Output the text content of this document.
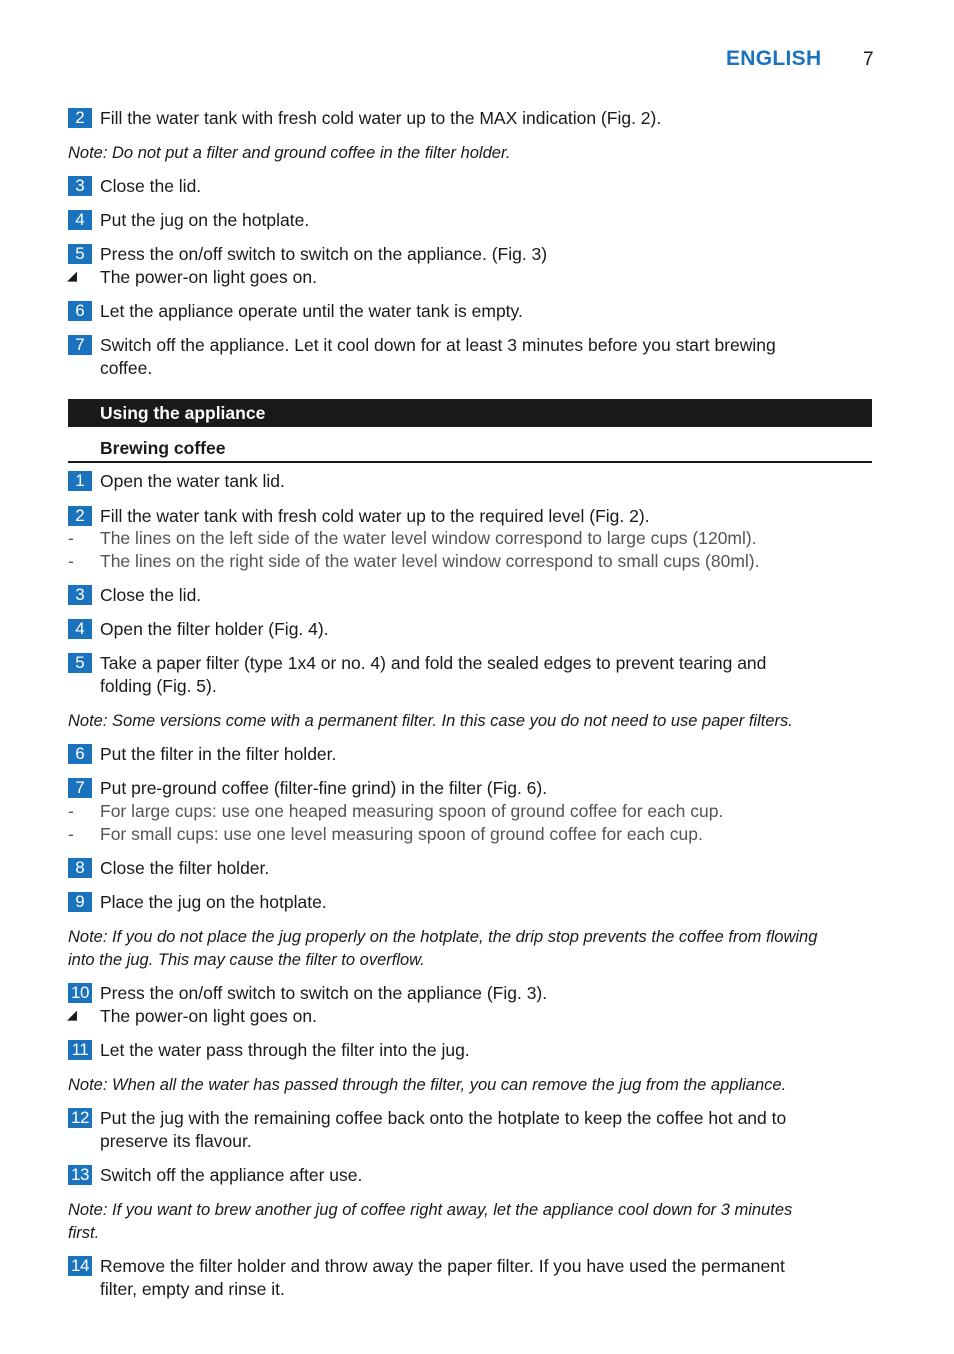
ENGLISH 7
2 Fill the water tank with fresh cold water up to the MAX indication (Fig. 2).
Note: Do not put a filter and ground coffee in the filter holder.
3 Close the lid.
4 Put the jug on the hotplate.
5 Press the on/off switch to switch on the appliance. (Fig. 3)
◢ The power-on light goes on.
6 Let the appliance operate until the water tank is empty.
7 Switch off the appliance. Let it cool down for at least 3 minutes before you start brewing
coffee.
Using the appliance
Brewing coffee
1 Open the water tank lid.
2 Fill the water tank with fresh cold water up to the required level (Fig. 2).
- The lines on the left side of the water level window correspond to large cups (120ml).
- The lines on the right side of the water level window correspond to small cups (80ml).
3 Close the lid.
4 Open the filter holder (Fig. 4).
5 Take a paper filter (type 1x4 or no. 4) and fold the sealed edges to prevent tearing and
folding (Fig. 5).
Note: Some versions come with a permanent filter. In this case you do not need to use paper filters.
6 Put the filter in the filter holder.
7 Put pre-ground coffee (filter-fine grind) in the filter (Fig. 6).
- For large cups: use one heaped measuring spoon of ground coffee for each cup.
- For small cups: use one level measuring spoon of ground coffee for each cup.
8 Close the filter holder.
9 Place the jug on the hotplate.
Note: If you do not place the jug properly on the hotplate, the drip stop prevents the coffee from flowing
into the jug. This may cause the filter to overflow.
10 Press the on/off switch to switch on the appliance (Fig. 3).
◢ The power-on light goes on.
11 Let the water pass through the filter into the jug.
Note: When all the water has passed through the filter, you can remove the jug from the appliance.
12 Put the jug with the remaining coffee back onto the hotplate to keep the coffee hot and to
preserve its flavour.
13 Switch off the appliance after use.
Note: If you want to brew another jug of coffee right away, let the appliance cool down for 3 minutes
first.
14 Remove the filter holder and throw away the paper filter. If you have used the permanent
filter, empty and rinse it.
